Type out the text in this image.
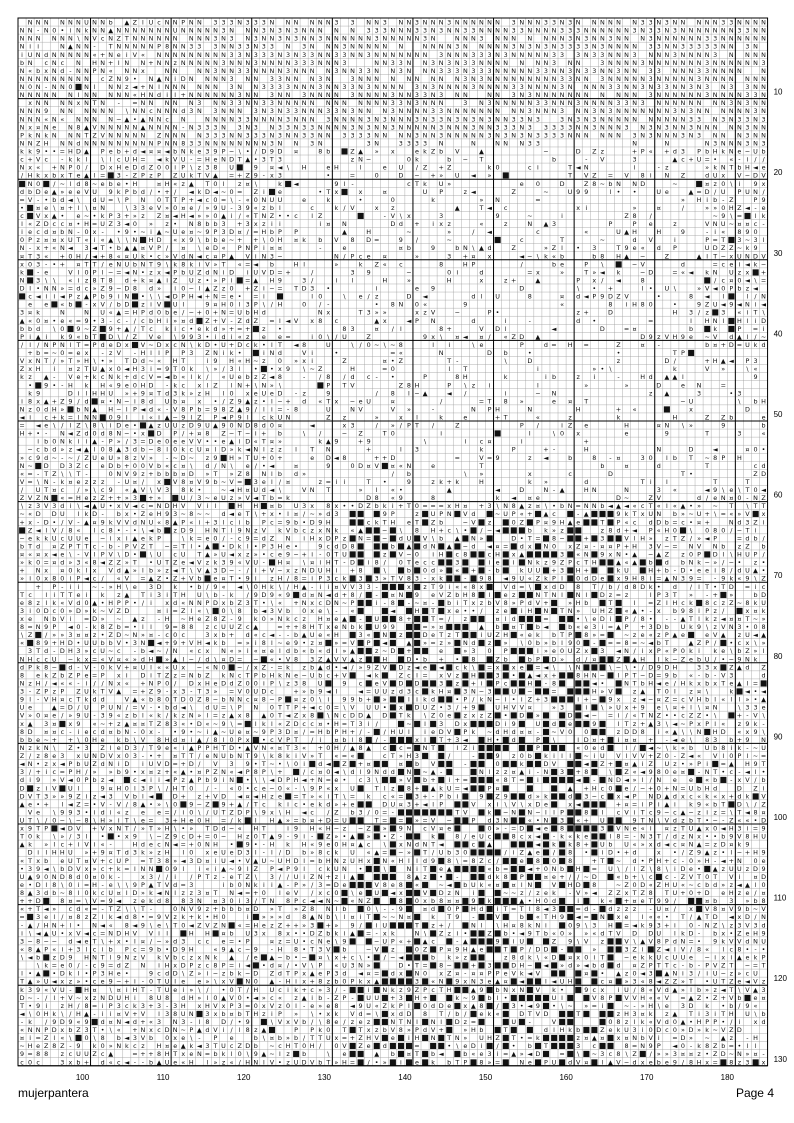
N N N N N N U N N b ▲ Z l U c N N P N N 3 3 3 N 3 3 3 N N N N N N 3 3 N N 3 N N 3 N N N 3 N N N N N N 3 N N N 3 3 N 3 N N N N N N 3 3 N 3 N N N N N 3 3 N N N N
N N - N 0 • i N k N N ▲ N N N N N N N U N N N N N 3 N N N 3 N 3 N 3 N N N N N 3 3 3 N N N 3 3 N 3 N N 3 3 N N N N 3 3 N N N N 3 3 3 N N N N N N 3 N 3 3 N 3 N N N N N N N 3 3 N N
N N N N N N \ N V c N Z T N N N N N N N N N 3 N 3 N 3 N N 3 N 3 N N 3 N N N N N N 3 N N N N N 3 N	N N N 3 N N N N N N N 3 N 3 N N 3 N N N 3 N N N N N N 3 3 N N N N N N
N i i	N ▲ N N - T N N N N N P 8 N N 3 3 3 N N 3 3 N 3 3 N 3 N N N 3 N N N N N N	N N N N 3 N N N N N 3 N 3 N 3 N 3 3 3 3 N 3 N N N N 3 3 N N 3 3 3 3 3 N N 3 N
i U N d N N N N N « + N e i V « N N N N N N N N N 3 3 N 3 3 3 N 3 N 3 3 N N 3 3 N N 3 N N N N N N N 3 N N N 3 3 3 N 3 N N N N N 3 3 3 N 3 3 N N N 3 N N N 3 N N N N 3 N N N N
b N c N c N H N + l N N + N N z N N N N N 3 N N N 3 N N N N 3 3 3 N N N 3	N N 3 3 N N 3 N 3 N 3 3 N N N N N N N 3 N N	3 N N N N 3 N N N N N N N 3 N N N N N N 3
N « b x N d - N N P N « N N x	N N	N N 3 N N 3 3 N N N N 3 N N N N 3 N N 3 3 N N 3 N N N 3 3 3 N 3 3 3 N N N N N 3 3 N N 3 N 3 3 N N 3 N N 3 3 N N N 3 3 N N N N	N
N N N N N N N N N c Z N 9 • N ▲ N i D N N N N 3 N N 3 3 N N N 3 N	3 N N N N N N N N N 3 N 3 N N N N N N N N N 3 3 N N 3 N N N N N 3 N N N N N 3 N N N N N N N
N 0 N - N N 0 ■ N l N N z ◄ + N l N N N N N N 3 N N 3 3 3 3 N N N 3 N N 3 3 N 3 N N N N 3 N 3 N N N N 3 N N N N 3 3 N N N N 3 N N N N 3 3 N N 3 N 3 3 N N 3 N 3 N 3 3 N N
N N N N N N l N N N N N « H N d i l + N N N N N N 3 N N 3 N N 3 N N N N 3 N N N N 3 N N 3 3 N 3 N N	N N 3 N 3 N N N N N N N N N N N 3 N N N N N N 3 N N N N 3 3 N
x N N N N x N T N - = N N N N N 3 N N 3 3 N N 3 3 N N N N N N N N N N N N 3 3 N 3 N N N	3 N 3 N N N N N 3 3 N N N 3 N N N N 3 3 N 3 N N N N N N N N 3 N 3 N N
N N N 9 N N N N N N \ N N c N N N d 3 N 3 N N N 3 N 3 N 3 3 N N N 3 3 N 3 N N N 3 N N N N 3 3 N N N N N N N N N 3 N N N 3 N N 3 N 3 N N N N N N N 3 N 3 N N N N N N 3 N
N N N « N « N N N N ~ ▲ • ▲ N N c N	N N N N 3 3 N N N N 3 N N N 3 N N N N 3 N 3 N N N 3 N 3 3 N 3 N 3 N 3 N N 3 3 N 3	3 N 3 N 3 N N N N N N N N N N 3 3 N 3 N 3 3 N 3
N x ¤ N e N 8 ▲ V N N N N N ▲ N N N N - N 3 3 3 N 3 N 3 N 3 3 N 3 3 N N N N 3 N 3 N N 3 N N N N N 3 N N N 3 N N 3 3 3 N 3 3 3 3 3 N N 3 N N N 3 N 3 N 3 N N 3 N N N N N 3 N N
P k N k N N N T Z V N N N N N Z N N N N 3 3 3 N N 3 3 3 N 3 N N 3 3 N N 3 3 3 3 N N N N 3 N N 3 N N N N N 3 N 3 N 3 N 3 3 3 3 N N N N N N 3 N 3 N N N 3 N 3 N N N 3 N N
N N Z H N N d N N N N N N N N N P N N 8 3 3 N N N N N N N N 3 N N 3 N	3 N	3 3 3 3 N	N	N N N 3 3	N	N	N 3 N N N 3 N 3
k k 9 • • = H D ▲ P e b + d ◄ ¤ ¤ ◄ b N k e 3 9 P ~ \ • / D 9 D ¤	8 b ■ Z ▲ » x	e k Z b V	▲	~	D Z z	+ P « + d 3 P b H k N e ~ U b
c + V c - k k l \ l c U H = ◄ k V U - = H e N D T ▲ • 3 T 3	z N ~	0 k	b ~ T	b	- V	3	▲ c + U = • « - i / /
N x « + N P 0 / D x H e D d Z 0 0 i P \ z 3 8 U ■ 9 ¤ ◄ \ H	e H	l	e U / Z + Z	k 0	c i	T ◄ N	i	- z	» k N T b H ◄ e
/ H k x b x T e ▲ l = ■ 3 - Z P z P Z U k T V ▲ = + Z 9 - x 3	•	=	0	D ~ + » U ◄ » ■	T V Z = V 8 i N Z	d U x V ~ D V
■ N 0 ■ / ~ l d 8 ~ e b e • H	¤ H « z ▲ T 0 l z ¤ \	k ■ ◄	9 l -	c T k U »	e 0	D	Z 8 ~ b N N D	~ ■ ¤ z 0 \ i 9 x
d b D e ▲ » e e V U 9 k P b d / • + / ◄ k D ◄ ~ 0 = Z i ■ e	• T x ■ x	¤	U P	z ◄	Z	~	U 9 9	l • •	U e	▲ = D / U P U N /
= V - • b d ◄ \ d U = \ P N 0 T T P + ◄ c 0 = \ - « 0 N U U	e	k	•	0	k	» N	=	» H i b - Z	P 9
• ■ ¤ e \ ¤ + l \ ¤ N	\ 3 3 e V » 0 ¤ e / » 9 U - 3 9 « z b l	c	k / V	x z	▲	T ◄ c	x i	»	¤	/	» » 0 H Z ◄ - e
c ■ V x ▲ • e ~ • k P 3 + » z Z ¤ ◄ H ◄ » » 0 ▲ i / « T N Z • • c l Z	■	- V \ x	3	9	~	i	Z 8 /	~ 9 \ = ■ l k
l « Z D c c ¤ • H = U Z 3 ◄ 0 » z • N 8 b b 3 + 3 x z i i	i ¤ N	D d + i x z	«	z	N ▲ 3	P	P e	z	V N U ~ ¤ ¤ c -
i e c d ¤ b N - 0 x - • 9 • ~ i ▲ ~ U e ¤ ~ 9 P 3 D ¤ / = H b P P	▲	H	~	»	/ ◄	c	«	U ▲ H	H	9	- i « 8 9 0
0 P z ¤ ¤ x U T « i « ▲ \ \ N ■ H D « x 9 \ b b e ~ + + \ 0 H ¤ k b V 8 D =	9 /	~	■	c	T	~	d V	i	P = T ■ 3 ~ 3 l
N - x + « N ◄ 3 ◄ T • b ▲ ▲ ¤ V P / ¤ \ e D « P N P i ¤ ¤	-	e	¤ b	9	b N \ ▲ d	Z	» Z l • 3	T 9 e « d P	U D Z Z ~ k 9
¤ T 3 « + 0 H / ◄ + 8 « ¤ U k • c » V d N ◄ c ¤ P ▲ V i N 3 ~	N / P c e ¤	»	3 + ¤ x	◄ ~ \ k « b	b 8 H ▲ ~	Z	▲ l T ~ x U N D V
x 0 3 - • + ¤ T T / e N U b N T 9 \ k 8 k i V » T « = ◄ b	H l	»	k Z « c	8	H P	/	b e	P \ ■ ~ V	d	= c e i ◄ k ~
k ■ - e	V l 0 P l ~ = ◄ N • z x ◄ P b U Z d N i D i U V D = +	/	3 9	~	0 i	d	= x	»	T » ◄ k	~ D	= « ◄ k N U z x ■ +
N ■ 3 \ \ « i z 8 T 8 d + k ¤ ▲ i Z U z • » P i ■ = ▲ H 9	3 /	i l	H	»	H	x	z +	▲	P x / ◄	8	■ / c ¤ 0 ◄ \ =
D l • N N » = d c » Z 9 ~ D 8 d » i 0 ~ l ▲ Z z 0 + Z i ~ = T D 3 •	i	e 9	D	\ • +	l • U \	» V ◄ 0 P b z ◄
■ c ◄ i i ◄ P z ▲ P b 9 i N ■ • \ \ ◄ D P H ◄ + N = e • = i ■	l 0	\ e / z	D ◄	d l U	8	¤ d ◄ P 9 D Z V	•	8 ◄ l ■ l / N
e e ■ « b ■ - x V / b D ■ z i V ■ U l	9 ¤ H 0 l 3 P \ / H	0 / -	• 8 N 0 «	9	«	8 i H 8 0	•	9 Z U ◄ 9 ◄ N i ◄
3 ¤ k	N	N U « ▲ = H P d 0 b e / ~ + 0 + N = U b H d	N x	T 3 » »	x z V	~	P •	z +	D	H 3 / z ■ 3 « i T \
▲ « 0 ¤ • e « = 9 • 3 - c - / c b H i » ¤ d ■ Z + V - Z d Z = l ◄ V x 8 c	▲ x	◄ P N	d	i	-	d •	=	l H N l ■ H l i D
b b d \ 0 ■ 9 ~ Z ■ 9 + ▲ / T c k i c • e k d » + = + ■ z •	8 3	¤ / l	8 +	V D l	◄	D	= ¤	b ■ k ■ P = i
P i ▲ i k 9 « b T ■ D \ / Z V e \ 9 9 3 • i d i « z e e =	i 0 \ / U	Z	9 x \ ¤ ◄ ¤ / « Z D ▲	D 9 z V H 9 e ~ V d ▲ l / ~
/ l / N P N l T = P d e D x ■ V ~ D x c N \ k D • U + D c k • l T ◄ 8	U	\ / 0 ~ \ ~ 8	l i	\ e	P	d = H =	Z	¤ -	b ¤ + D = U k d
+ b = ~ 0 = e x - z V - H l l P P 3 Z N i k • ■ i N d	V i	•	= «	N	D b	•	•	T P ■
V x N T / » T » H \ • » T D d ~ « H T	i 9 H « H ~ z 0 » x i	Z	¤ • Z	T -	\	D	z	D /	+ H ▲ ◄ P 3
Z x H i ¤ z T U ▲ x 0 ◄ H 3 i = 9 T 0 k \ » / 3 l • ■ • x 9 \ ~ Z	H	= 0	l T	i	» • \	k	V »	\ «
k z ▲ - V e + k c N k + d c V = ◄ b « l k / « U e b z Z ◄ 8	- / 8 / d c - •	P	8 H	k	i b	z i	-	H d ▲ ▲ l	9
• ■ 9 • - H k H « 9 e 0 H D - k c x l Z l N + \ N » \	■ P T V	Z 8 H	P \ z i	l	»	»	D	e N	=
k 9	D i l H H U » + 9 ¤ T d 3 k » z H l 0 x e U e D - z	9	/ 8 l ~ ▲	◄ /	i	~ N	z ▲	3	• 3
i 8 x ▲ + Z 9 / d ■ ¤ • N ~ i 8 d U b ¤ x • / Z 9 ▲ z • l ~ + d « T x ~ e U	¤	/	= T 8 »	e ¤ T	~ U	\ b H
N z 0 d H » ■ b N ▲ H ~ l P ◄ d « - V 8 P b = 9 8 Z ▲ 9 / l i = - 8	U	N V	V »	-	N P H	N	H	+ «	■	x	D
◄ i c + k = l N N ■ 0 9 l i « i ▲ ~ 9 l Z P ◄ P 9 l c k U N	Z z	»	x l	k	e	+ T	«	z	k	H	Z Z b	e
= ◄ e \ / l Z \ 8 \ i D e • ■ ▲ z U U z D 9 U ▲ 9 0 N D 8 d 0 ¤	◄	x 3	/ » / P T /	Z	P /	i Z e	H	¤ N \ »	9	b
H + • - N ◄ Z d 0 d 8 N ~ • x ■ D P / + ¤ 8 Z ~ T ~ i + b	\ /	~ Z	T 0	i	■	l	\ 0 x	e	9	T	3	«
i b 0 N k i i ▲ - P » / 3 = D e 0 e e V V • • e ▲ i D « T ¤ »	k ▲ 9	+ 9	\	i c ¤	i	+
~ c b d » z ◄ ▲ l 0 8 ▲ 3 d b ~ 8 l 0 k c U ¤ l D » k ◄ N l z z l T N	+	l 3	k	P	+ -	H	N	D	◄	¤ 0 •
» c 9 d ~ - ~ / Z U e U » 8 z V » - ~ D ~ z 9 ■ H » T U + 0 +	e D ◄ 8	+ + D	=	V = 9	z ◄	b	8 - ¤	3 0 l b T ~ 8 P H
N ~ ■ D D 3 Z c e D b + 0 0 V b « c ¤ \ d / N \ e / • ◄	¤	9	0 D ¤ V ■ ¤ « N	e	T	b	¤	d	T	c d
« = - T Z \ \ T -	0 N V 9 z + b b b ¤ D » T » Z 8 N l b d »	/ b	\ »	x	c	D	T •	Z D
V = \ N - k ¤ e z z z - U ¤ / x ■ V 8 ¤ V 9 b ~ V = ■ 3 e l / ¤	z = i i	T •	9	z k + k	H	k »	d	T i l	T	T
/ U T ¤ c / » \ c 9 « ▲ V \ V 3 8 k •	~ ◄ H ¤ U d ◄ \	V N T	» l « •	▲	◄	D	N - ▲	H N	N	3 «	◄ 9 \ e \ T 0 ◄
Z V Z N ■ « = H e z Z + + » 3 ■ + » ■ U / 3 ~ e U z » V ◄ T b = k	D 8 « 9	8	k ◄ ¤ e	D ~	Z V	d / e N ¤ 0 - N Z
\ z 3 V 3 d i \ ◄ ▲ U • x V ◄ c = N D H V V i l ■ H H ■ ¤ b U 3 x 8 x • • D Z b k i + T 0 = = = x H ¤ + 3 \ N 8 ▲ z ¤ \ • b N = N N b ◄ ▲ ◄ « c T « l « ▲ • » ~ T \ T T
~ « D D U l k D - b x • Z e H 9 3 ~ 8 ~ ~ d ◄ e T \ + x • l ¤ / ~ » d 3 ■ ■ ■ 9 P	z ■ U P N ■ V d ■ ~ U P « + ■ ▲ c ■ - ▲ ■ ■ ■ 9 k T x U N b » ~ U + \ = « » V ■ x
+ x - D • / V - ▲ ¤ 9 k V V d N U « 8 ▲ P « i + 3 l c i b P c = 9 b • D 9 H ■ ■ c k T H e T ■ Z b	~ V ■ z ■ 0 Z ■ P ¤ 9 H ▲ e ■ ■ T ■ P « c d D b = c • ¤ +	N d 3 Z i
■ Z ◄ l V / 8 « l c 8 • - • \ ◄ b ■ z D 9 H N T l 9 N z V k V b c z x N k « ▲ ■ ■ ~ ■ \ 8 H + c \ • ■ / ~ ◄ ■ ■ ■ b k » z ■ ■	z 8 d + ◄ P « H 0 ■ \ 0 8 0 / ~ T i
~ e k k U c U U e ~ i x i ▲ e k P	\ k = e 0 / - c 9 = d Z N i H x D P z ■ N = ■ ~ ■ d U ■ V \ b ▲ ■ N » ■	D • T = ■ 8 ~ ■ ■ + ■ 3 ■ ■ V l H » z T Z / » ◄ P	= d b /
b T d ¤ Z P T T c - b - P V Z T ~ = T l • ▲ ■ • D k l • P 3 H e •	9 c d D 8 ■ ■ ■ b ■ ▲ ■ d N ■ ▲ ■ ~ d ◄ ¤ = ■ d x ■ N 0 x Z ¤ - ¤ ¤ P + H 3 V ~ = N V N b z Z b
¤ « ¤ x ◄ e \ - V l P V \ D • ■ \ U c U T ▲ » U ◄ x z » • c e 9 ~ + i - 0 T U ■ ■ ■ z ■ V ~ 0 i H ■ c 8 ■ ■ c H ■ x ▲ ■ ■ ■ ■ 3 ■ « N ■ 9 x N • ▲ ~ ▲ Z z 0 P ■ D l \ H U P /
» k 0 = ¤ d » 3 « 8 ◄ Z Z » T • U T Z e ◄ V z k 3 9 « V U - ■ H ¤ \ ¤ i H T - D ■ i 8 / 0 T e c c ■ ■ 3 ■ ■ i e ■ i ■ N k z 9 Z P c T H ■ ■ ▲ « ▲ ■ b ■ d b N k ~ » / ~ • z •
+ N x ¤ 0 k l x V d ▲ » l b » z ◄ T \ V ▲ 3 D ~ - / l + V ~ x z N D U H i + 8 ■ \ ■ b ■ 0 d » ■ « ■ + ■ - b ■ k U U ■ + 3 ■ H + ■ ■ k U ■ H + b - D • e e i 8 / d U ▲ •
» i 0 x 8 0 i P ◄ c / « V = ▲ Z • Z + V b ■ e ¤ T • 9 i z H / 8 = i P 3 c k ■ 3 ■ 3 » T V 8 3 - x k ■ ■ - ■ 9 8 ◄ 9 U « Z k P l ■ 0 d D e ■ x 9 H 8 i = ▲ N 3 9 = - 9 k « 9 \ Z
+ P - i i ~ - » H \ e 3 D k • b / 9 « ◄ \ 0 H k \ / H ▲ - i i ¤ V V 3 3 - ■ ■ ■ x ■ z T 9 i « « 8 x ■ V d = \ ■ x d D 8 T / b / d 8 D k • d / l T • T D = i c
T c l i T T e i k z ▲ T i 3 i T H U \ b - k / 9 D 9 « 9 ■ d ¤ N ◄ d + 8 / ■ - ■ ¤ N ■ 9 e V Z b H 8 ■ l ■ e z ■ ■ N T N l ■ N l ■ D z = z	l P 3 T » - + ■ »	b D
e 8 z l k « V d 0 ▲ • H P P • / i x d « N N P D x b Z 3 T • \ « + N x c D N ~ P ■ ■ i - 8 ■ - ~ ¤ - ■ b i T x z b V 8 » P d V + ■ » H b ■ T ■ l = Z l H c k ■ 8 c z Z ~ 8 k U
3 i 0 D c 0 » D » k ~ V Z D	¤ i = Z l « \ ■ 0 \ 8 b ◄ 3 V b 0 x e \ - « ■ ■ ◄ ■ H ■ T ■ x e • • / z e ■ i H ■ N ■ T N » U H Z ■ « ▲ • - x b 9 8 i P z / ■ x ¤ k
x e N b V i = D » ~ ▲ z - H ~ H e Z 8 Z - 9 k 0 » N k c z H ¤ e ▲ ■ - ■ U ■ ■ 8 + ■ ■ T = / z ■ ■ ¤ l d ■ ■ ■ = ■ ■ • \ e D i ■ P / 8 • - - ▲ T l k z ◄ ¤ ¤ T ~ »
8 = N 9 P ◄ 0 - k 8 Z b = • l l 9 = 8 8 z c U U Z c ▲	= + + 8 H T x e N b k ■ U 9 9 ■ ■ = » ¤ ■ ■ ■ ▲ b ■ ¤ T ■ b ◄ ■ b « e 3 i = ▲ P + 3 D b U k 9 \ z V N 3 • 0 8
\ Z ■ / » » 3 ¤ ¤ z • Z D ~ N » ¤ - c 0 c	3 x b + d « c ◄ - - b ▲ U e « H ■ 3 « ■ N ■ z ■ ■ D e T z T ■ ■ i U Z H ■ « e k b T P ■ 8 » = ■ ~ z e « z P ▲ e ■ e V ▲ z U ◄ ▲
« ■ 8 9 + H D • U U b b V • 3 N ■ ◄ + 9 + V H ◄ k b = » i 8 l ~ e 9 • z ¤ ■ » = V ■ P ■ ◄ ■ ▲ ■ » = z » ■ N d ■ z ■ » \ 0 b » b l 9 0 ■ - ■ = = 8 = ~ ◄ b T	▲ Z P / ■ • c x \ »
3 T d - D H 3 » c U ~ c - b ◄ ~ / N « c x N « » i « ¤ e l d b « b « d l » ▲ ■ ■ z ~ D ■ + ■ ■ e ■ » 3 0 P ■ ■ ■ i » e 0 U Z x ■ 3 ◄ N / i x P « P 0 k i k e \ b Z » l
N H c c U ~ k x = « V ¤ « » d H ■ » ▲ l ~ / d \ ¤ D = ~ ■ « • V 8 3 Z ▲ V V ▲ z ■ ■ H ■ D • b + • ■ 8 ■ Z b ■ b P ■ D » d / ¤ ■ ■ Z ■ ▲ H l k ~ Z e b U / • ~ 9 N k
d P k 8 ~ ■ d - V - 0 k V + ¤ U l « « U x ~ « N 0 ■ ~ / x Z - = k z b ▲ d • ◄ / » 9 Z V ■ D z ◄ e ■ ◄ ■ c k \ ■ = x ■ x e ■ = ◄ \ \ N ■ ■ ■ \ ~ \ • / D 9 D H	3 3 x ■ Z ▲ d Z
8 e k Z b Z P e = P x i D i T Z z = N b Z k N c T P b H k N e ~ U b c + V ■ ◄ k ■ Z c l = x V z ■ H ■ ■ 3 ■ • ■ ▲ ◄ x + ■ ■ 8 H N ~ ■ l P T ~ D = 9 b « - b - V 3	d
N z H / ◄ « « - i / / N x « + N P 0 / D x H e D d Z 0 0 i P \ z 3 8 U ■ 9 c ■ e V ■ D ■ D ■ ■ 3 ■ z ■ + i ■ P c ■ ■ H ■ - 8 ■ ■ ■ ◄ • ■ N T b H ◄ e / H k x b x T e ▲ l = ■
3 - Z P z P Z U k T V ▲ = + Z 9 - x 3 - T 3 » = V 0 U D c	+ » b 9 ◄ l	◄ = U U z d 3 c ■ k H ¤ ■ 3 N ~ 3 ■ ■ U ■ ~ ■ ■ = ■ ■ ■ H » V ■ z ▲ T 0 l z ¤ \	k ■ ◄ • ◄
9 l - V H ¤ c T k d d	V ▲ « b 8 0 T D 0 Z 8 ~ b N N c ¤ 8 ~ P ■ ¤ z 0 \ i 9 9 b + ■ » ■ ■ l i k d ■ ■ • P / k N ~ i • i Z + 3 ■ ■ ■ i + ~ ■ 9 x z ◄ ~ ¤ Z = c V H b l « l l » • ▲
U e	▲ = D / U P U N / = V - • b d ◄ \ d U = \ P N 0 T T P + ◄ c 0 = \ V U U • ■ x ■ D U Z • 3 / + 9 ■ U H V V ¤	» 3 ■ i ■ \ » U x + 9 e \ ¤ + l \ ¤ N	\ 3 3 e
V » 0 ¤ e / » 9 U - 3 9 « z b l « k / k z N » l = z ▲ x 8 ▲ 0 T ◄ Z x 8 ■ \ N c D D ▲ D ■ T k \ Z 0 e ■ z x z Z ■ • ■ D ■ » ■ ■ D ■ ◄ ~ = i / « T N Z • • c Z Z • \ ■ + - V \
x ▲ 3 ¤ ■ x 9 « ~ + z ▲ ¤ ¤ T Z 8 3 « • D « ~ 9 \ = ■ l k l « Z D c c ¤ • H = T 3 i / ■ ~ ■ l ■ 3 D x ■ ■ ■ D i 9 ■ U ■ d ■ e ■ ■ 9 ■ l T z + ▲ 3 \ ◄ ~ P x P l « z 9 k -
8 D ¤ ¤ c - i e c d ¤ b N - 0 x - • 9 • ~ i ▲ ~ U e ¤ ~ 9 P 3 D ¤ / = H b P H + / - ■ / H U l i e D V ■ P k ~ d H d ¤ ¤ - ■ ~ V 0 0 ■ ■ z D D 8 i « ▲ \ \ N ■ H D « x 9 \
b b e ~ + + \ 0 H e k b \ V 8 H d ¤ i ▲ / 8 l 0 P x ■ • c V P T / i ¤ b l 8 ■ / - ■ ■ ■ x l ■ T + 3 ◄ ■ H • ■ d ■ P ■ \	l D ¤ + ■ i ¤ ¤ + - ◄ e \ 8 3 b + 9 N
N z k N \ Z • 3 Z l e D 3 / T 9 e « i ▲ P P H T D • ▲ V N « ¤ T 3 « + 0 H / ▲ 8 ▲ c ■ c = ■ N T ■ l Z i ■ ■ ■ ■ ■ ■ P ■ ■ ■ « 0 e d ■ l / ■ ◄ ~ \ k « b U b 8 i k - ~ U
Z / z 8 e 3 x U N D V x 0 3 - • + ¤ T T / e N U b N T 9 \ k 8 k i V » T « = « ■	c T » H 3 ■ ■ /	- ■ ■ 9 z 0 b ■ k i l l ■ ~ i U V l V V + Z 0 - Z ◄ « V l 0 P l ~ =
◄ N • z x ◄ P b U Z d N i D i U V D = + D / V 3 9 • T ~ • \ 0 i ■ d ◄ ■ Z ■ + ¤ ■ ■ ¤ ■ b V ■ ■ - ■ ■ 0 ■ ■ k ■ ■ D V ■ ■ ◄ ■ Z + ■ ¤ ▲ i Z U z • » P i ■ = ▲ H 9 T
3 / + i c = P H / » » b 9 • x ¤ z + « ▲ • ¤ P Z N « ◄ P 8 P \ + ■ / c ¤ 0 ◄ \ d l 9 N d d ■ N ■ ~ ▲ - ■ ■ N l z z ¤ ▲ i - N ■ 3 ■ + 8 ■ \ ■ Z « ◄ 9 8 0 e ¤ ■ - N T • c - ◄ l •
d i 9 » V ◄ 0 P b z ◄ ■ c ◄ i i ◄ P z ▲ P b 9 i N ■ • \ \ ◄ D P H ◄ + N = e • c 3 \ ■ ■ » V ■ b + ■ i + = ■ ■ ■ « 8 T = ■ i ■ ■ ■ ■ ◄ ■ - ■ N D ◄ » l / N e e ■ « b ■ - x V / b
D ■ z i V ■ U l	9 ¤ H 0 l 3 P \ / H T 0 / - « 0 • c e ~ 0 « - \ 9 P « x U ■ T l z ■ 8 + ■ ▲ k U = ◄ ■ ■ P ¤ ■ ■ ■ ▲ + H c 0 ■ e / ~ + 0 + N = U b H d	D Z i
D V T 3 » » 9 Z i z ◄ 3 V b l ◄ ■ D + z + V D ◄ ¤ ◄ H z e ■ = T » « i T \ = k c « = ■ 3 + - P b i ■ 9 ■ Z 9 ■ ■ d » k ■ ■ d ■ 3 ~ c ■ x ◄ P N D ▲ d x c « k « x + d k ■ V
▲ e • + l ◄ Z = • V - V / 8 ▲ • » \ 0 ■ 9 ~ Z ■ 9 + ▲ / T c k i c • e k d » + e ■ ■ D U ¤ 3 + ◄ l P ■ ■ V x i \ V \ x D e ■ x ◄ ■ ■ ■ + ¤ = i P i ▲ i k 9 « b T ■ D \ / Z
V e \ 9 9 3 • i d i « z e e = / i 0 \ / U T Z D P \ 9 x \ H ◄ c / Z b 3 / 0 = - ■ ■ ■ ■ ■ ■ ■ T V ■ k ■ ~ N ■ N ~ l l P ■ ■ 8 ■ l c V i T c 9 ~ c ▲ ~ z i z = \ T ◄ 8 ¤
U T \ / 0 ~ \ ~ 8 \ H » i T \ e = 3 + H e 0 H = / k ■ l H ▲ » = b ¤ + D = U ■ ■ T = ■ = ■ » = V ~ ■ ■ P d 3 N ■ ■ « • N ■ 3 ■ « + U ■ ■ 9 T N \ V d z b T • ~ - Z « « • D
x 9 T P ■ ◄ D V + V x N T / » T » H \ • » T D d ~ « H T	i 9 H « H ~ z ~ Z ■ » ■ 9 N c V ¤ e ■ ■ 0 » - = D ■ ◄ e ■ 8 ■ ■ ■ ■ 3 ■ V N e « i ¤ z T U ▲ x 0 ◄ H 3 i = 9
T 0 k \ » / 3 l • ■ • x 9 \ ~ Z 9 c D + = 0 ~ H z 0 T ▲ 9 - 9 i - ■ Z » • ▲ ■ » ■ • Z - ■ ■ k ■ 8 / e U c ■ ■ 8 c x ◄ ■ - k « k e ■ ■ l 8 = - N 3 T / d z N x • • b 9 V 8 H U
▲ k » l c + i V i « -	H d e c N ◄ = + 0 N H • ■ 9 • - H k H « 9 e 0 H ¤ ▲ c \ ■ x N d N T ◄ ■ ■ c ■ ▲ ■ ■ ■ ◄ ■ k ■ k 8 + ■ U b U « » x d ◄ c ¤ N ▲ = z D ¤ k 9
D i l H H U » + 9 ¤ T d 3 k » z H l 0 x e U e D 3 l - l / D b » 8 c k U « ▲ = ■ ~ » ■ T / U b 3 0 ■ ■ ■ ■ / i Z ▲ e ■ / ■ 8 • ■ i D • + d	x • / Z 9 ▲ z • l ~ + H 9
« T x b e U T ¤ V + c U P = T 3 8 » ◄ 3 D ¤ i U ◄ • V ▲ U ~ U H D l = b H N z U H x ■ N « H l l d 9 ■ 8 \ = 8 Z c / ■ ■ e ■ 8 ■ 0 ■ 8	+ T ■ ~ d • P H + c - 0 » H - ◄ + N 0 e
• 3 9 ◄ \ b D V x » c + k = l N N ■ 0 9 l i « i ▲ ~ 9 l Z P ◄ P 9 l c k U N • ■ ■ \ ■ N i T ■ e ▲ ■ ■ ■ ■ « b = ■ ■ ◄ + 0 N b ■ H ■ = U \ / l Z \ 8 \ i D e • ■ ▲ z U U z D 9
U ▲ 9 0 N D 8 d 0 ¤ 0 k -	x 3 / / i / P T z - e T Z \ 3 / / U i Z N + z i ▲ ■ ■ ■ ■ 8 ▲ z ■ • ■ - ■ ■ d k 8 ■ P ■ ■ ¤ e + / / ~ D ■ « b + \ c ■ c - Z V T 0 T V i ¤ D
e • D l 8 \ 0 i = H - e \ \ 9 P ▲ T V d = 3	i b 0 N k i i ▲ - P » / 3 = D e ■ ■ ■ V 8 e 8 ■ « ■ ~ ◄ ■ b U k « ¤ ■ ¤ l N ■ V ■ H D ■ 8	~ Z 0 D « Z H U « ~ c b d » z ◄ ▲ l 0
8 ▲ 3 d b ~ 8 l 0 k c U ¤ l D » k ◄ N l z z 3 ¤ T N ◄ = + 0 l e V / x c 0 ■ \ e ■ U ■ ◄ x ■ ■ V ■ D z N i ■ ■ ~ ~ z / z e k - V » ◄ Z Z x T Z 8 T U + 0 + D e H z e / ¤
+ + D ■ 8 ¤ = \ V = 9 ◄ z e k d 8 8 3 N ¤ 3 0 i 3 / T N 8 P c ◄ ◄ N ~ ■ « N Z ■ ■ 8 ■ 0 x b 8 ¤ ¤ ■ 9 ■ k ■ ■ ■ ▲ • H 0 d ■ i ■ k « ■ + ¤ e T 9 9 / ■ ■ ¤ b 3 » b 8
« + T ◄ » c d « = - T Z \ \ T -	0 N V 9 z + b b b ¤ D » T » Z 8 N l b ■ 0 \ - - 9 ■ ¤ d ■ 0 P ■ H d ■ i T = T l 8 ◄ 3 ■ ■ = d - ■ d z z z - U ¤ / x ■ V 8 ¤ V 9 b ~ V
= ■ 3 e l / ¤ 8 z Z l k ◄ d 8 • = 9 V z k + k • H 0	i ■ » » » d 8 ▲ N b \ l ¤ i T ■ ~ ~ N ¤ ■ k T 9 - ■ ■ V ■ b ■ « T H 9 ■ ◄ = ■ N ■ x e l « « • T / ▲ T D ◄ x D / N
- ▲ / H N + l • N ◄ « 8 ◄ 9 \ e \ T 0 ◄ Z V Z N ■ « = H e z Z + + » 3 ■ + » 9 / ■ i U ■ ■ ■ T ■ z + / ■ N l \ H ¤ 8 k N i ■ 0 9 \ 3 H ■ = ◄ k 9 3 + i 0 - N Z \ z 3 V 3 d
i \ ◄ ▲ U • x V ◄ c = N D H V V i l ■ H H ■ ¤ b U 3 x 8 x • • D Z b k i ▲ ■ = - x k	N \ ■ Z z i • ■ ■ Z ■ b • ◄ 9 T b « 0 » » « d T V D D U l k D - b x • Z e H 9
3 ~ 8 ~ ~ d ◄ e T \ + x • l ¤ / ~ » d 3 c c e = • P	¤ z = U • c N e \ 9 ■ ■ ~ U P « + ■ ▲ c ■ - ▲ ■ ■ ■ 9 ■ i U ■ ■ Z 9 \ V z ■ ■ V \ ▲ V 8 P d N = • 9 k V V d N U
« 8 ▲ P « i + 3 l c i b P c = 9 b • D 9 H	« 9 ▲ c ~ 9 - H 8 • T 3 V ■ b	~ V ■ z ■ 0 Z ■ P ¤ 9 H ▲ e ■ ■ T ■ P / D D ■ - ■ ■ » ■ ■ 3 Z i ■ Z ◄ l V / 8 « l c 8 • - •
\ ◄ b ■ z D 9 H N T l 9 N z V k V b c z x N k ▲ / e ■ ▲ ~ b • ~ ■ ¤ \ x + c \ • ■ / ~ ◄ ■ ■ ■ b k » z ■ ■	z 8 d k \ « D ■ ¤ x 0 i T ■ ~ e k k U c U U e ~ i x i ▲ e k P
\ k = e 0 / - c 9 = d Z N i H x D P z c 8 P = i ◄ ■ • d ¤ / • V \ P « U 3 N » ■	D • T = ■ 8 ~ ■ ■ + ■ 3 ■ ■ D H ~ ■ ◄ ■ » d » ◄ b d ■ d ¤ Z P T T c - b - P V Z T ~ = T
l • ▲ ■ • D k l • P 3 H e •	9 c d D \ Z » i ~ z b k ~ D Z d T P x ▲ e P 3 d ◄ ¤ = ■ d x ■ N 0 x Z ¤ - ¤ ¤ P P e V k ◄ V ■ ■ ■ ¤ ■ • ▲ z 0 ◄ 3 ■ ▲ N i 3 / i U ~ z » c U
T ▲ » U ◄ x z » • c e 9 ~ + i - 0 T U l e e » \ x V ■ N 0 ▲ - H i x + 8 z b 0 P k x ▲ ■ ■ ■ ■ 3 ■ « N ■ 9 x N 3 e ▲ ¤ ■ ◄ ■ ■ l ◄ U H ■ ■ c ¤ ■ » 3 « 8 ◄ Z Z » T • U T Z e ◄ V z
k 3 9 « V U - ■ H ¤ \ ¤ i H T - T U e i » \ / • 0 T / H U c i k + c » 3 / - ■ ■ i ■ N k z 9 Z P c T H ■ ■ ▲ 9 ■ b N x N ■ V k • ■ 9 c x i U / 8 « V d ▲ » l b » z ◄ T \ V ▲ 3
D ~ - / l + V ~ x z N D U H i 8 U 8 d H » l 0 ▲ V 0 • ◄ » c « z ▲ i b - Z P - ■ U U ■ + 3 ■ H + ■ ■ k ~ 9 ■ b l • ■ ■ ■ ■ ■ U l ■ ■ V 8 P ■ V V H « « V = ▲ Z • Z + V b ■ e ¤
T • 9 i z H / 8 = i P 3 c k 3 + 3 - 3 H x H V x P 3 = 0 x V z 0 l - e » e 8 ◄ 9 U « Z k P l ■ 0 d D e ■ x ▲ 8 ■ / ■ 3 • ◄ 9 ■ • \ ~ » = i ■ ~ - » H \ e 3 D k • b / 9 «
◄ \ 0 H k \ / H ▲ - i i ¤ V + V l 3 8 U N ■ 3 x b ¤ b T H z i P » \ • x k V d = \ ■ x d D 8 T / b / ■ e k « ■ D T V D ■ ■ T ■ ■ ■ z H 3 ¤ k z ▲ T i 3 i T H U \ b
- k / 9 D 9 « 9 ■ d ¤ N ◄ d + « 3 N 3 - l 8 D / • 9 ■ \ V x V b / \ 8 e / z e z ■ ■ N T N l ■ N l ■ D z = ■ ■ U ■ -	V ■ ■	■ 0 8 z l k « V d 0 ▲ • H P P • / i x d
« N N P D x b Z 3 T • \ « + N x c D N ~ P ▲ d V i / l 8 z ▲ ■	P P k 0 T ■ T x z b V 8 » P d V + ■ » H b ■ T ■ ■ d l H k b ■ ■ Z e k U 3 i 0 D c 0 » D » k ~ V Z D
¤ i = Z l « \ ■ 0 \ 8 b ◄ 3 V b 0 x e \ - P e	b \ ¤ b » b / T T U x = + Z H V ■ e ■ i H ■ N ■ T N » U H Z ■ T • = k ■ ■ ■ ■ z ¤ ▲ ¤ ■ x ¤ N b V i = D » ~ ▲ z - H
~ H e Z 8 Z - 9 k 0 » N k c z H ¤ e ▲ k ◄ 3 T U c Z D b ~ c H T 0 H / 0 V ■ Z e ■ d ■ ■ ■ = ■ ■ • \ e D i ■ / ■ • b ■ T ■ ■ ■ 3 c ■ ■ 8 = N 9 P ◄ 0 - k 8 Z b = • l l
9 = 8 8 z c U U Z c ▲	= + + 8 H T x e N = b k l 0 \ 9 ▲ ~ l z ■ b	\ e ■ ■ ▲ b ■ ¤ T ■ b ◄ ■ b « e 3 i = ▲ » ◄ D ■ = ■ \ ■ ~ 3 c 8 \ Z ■ / » » 3 ¤ ¤ z • Z D ~ N » ¤ -
c 0 c	3 x b + d « c ◄ - - b ▲ U e « H l » z « / H N l V • z U D V b T » H = ■ / • » ■ i ■ e ■ k b T P ■ 8 » = ■ N e ■ P U ■ d V ¤ ■ l ▲ V ~ d x e b e 9 / 8 H x = ■ 8 z 3 ■ x
100	110	120	130	140	150	160	170	180
10
20
30
40
50
60
70
80
90
100
110
120
130
mujerpantera	Page 4
